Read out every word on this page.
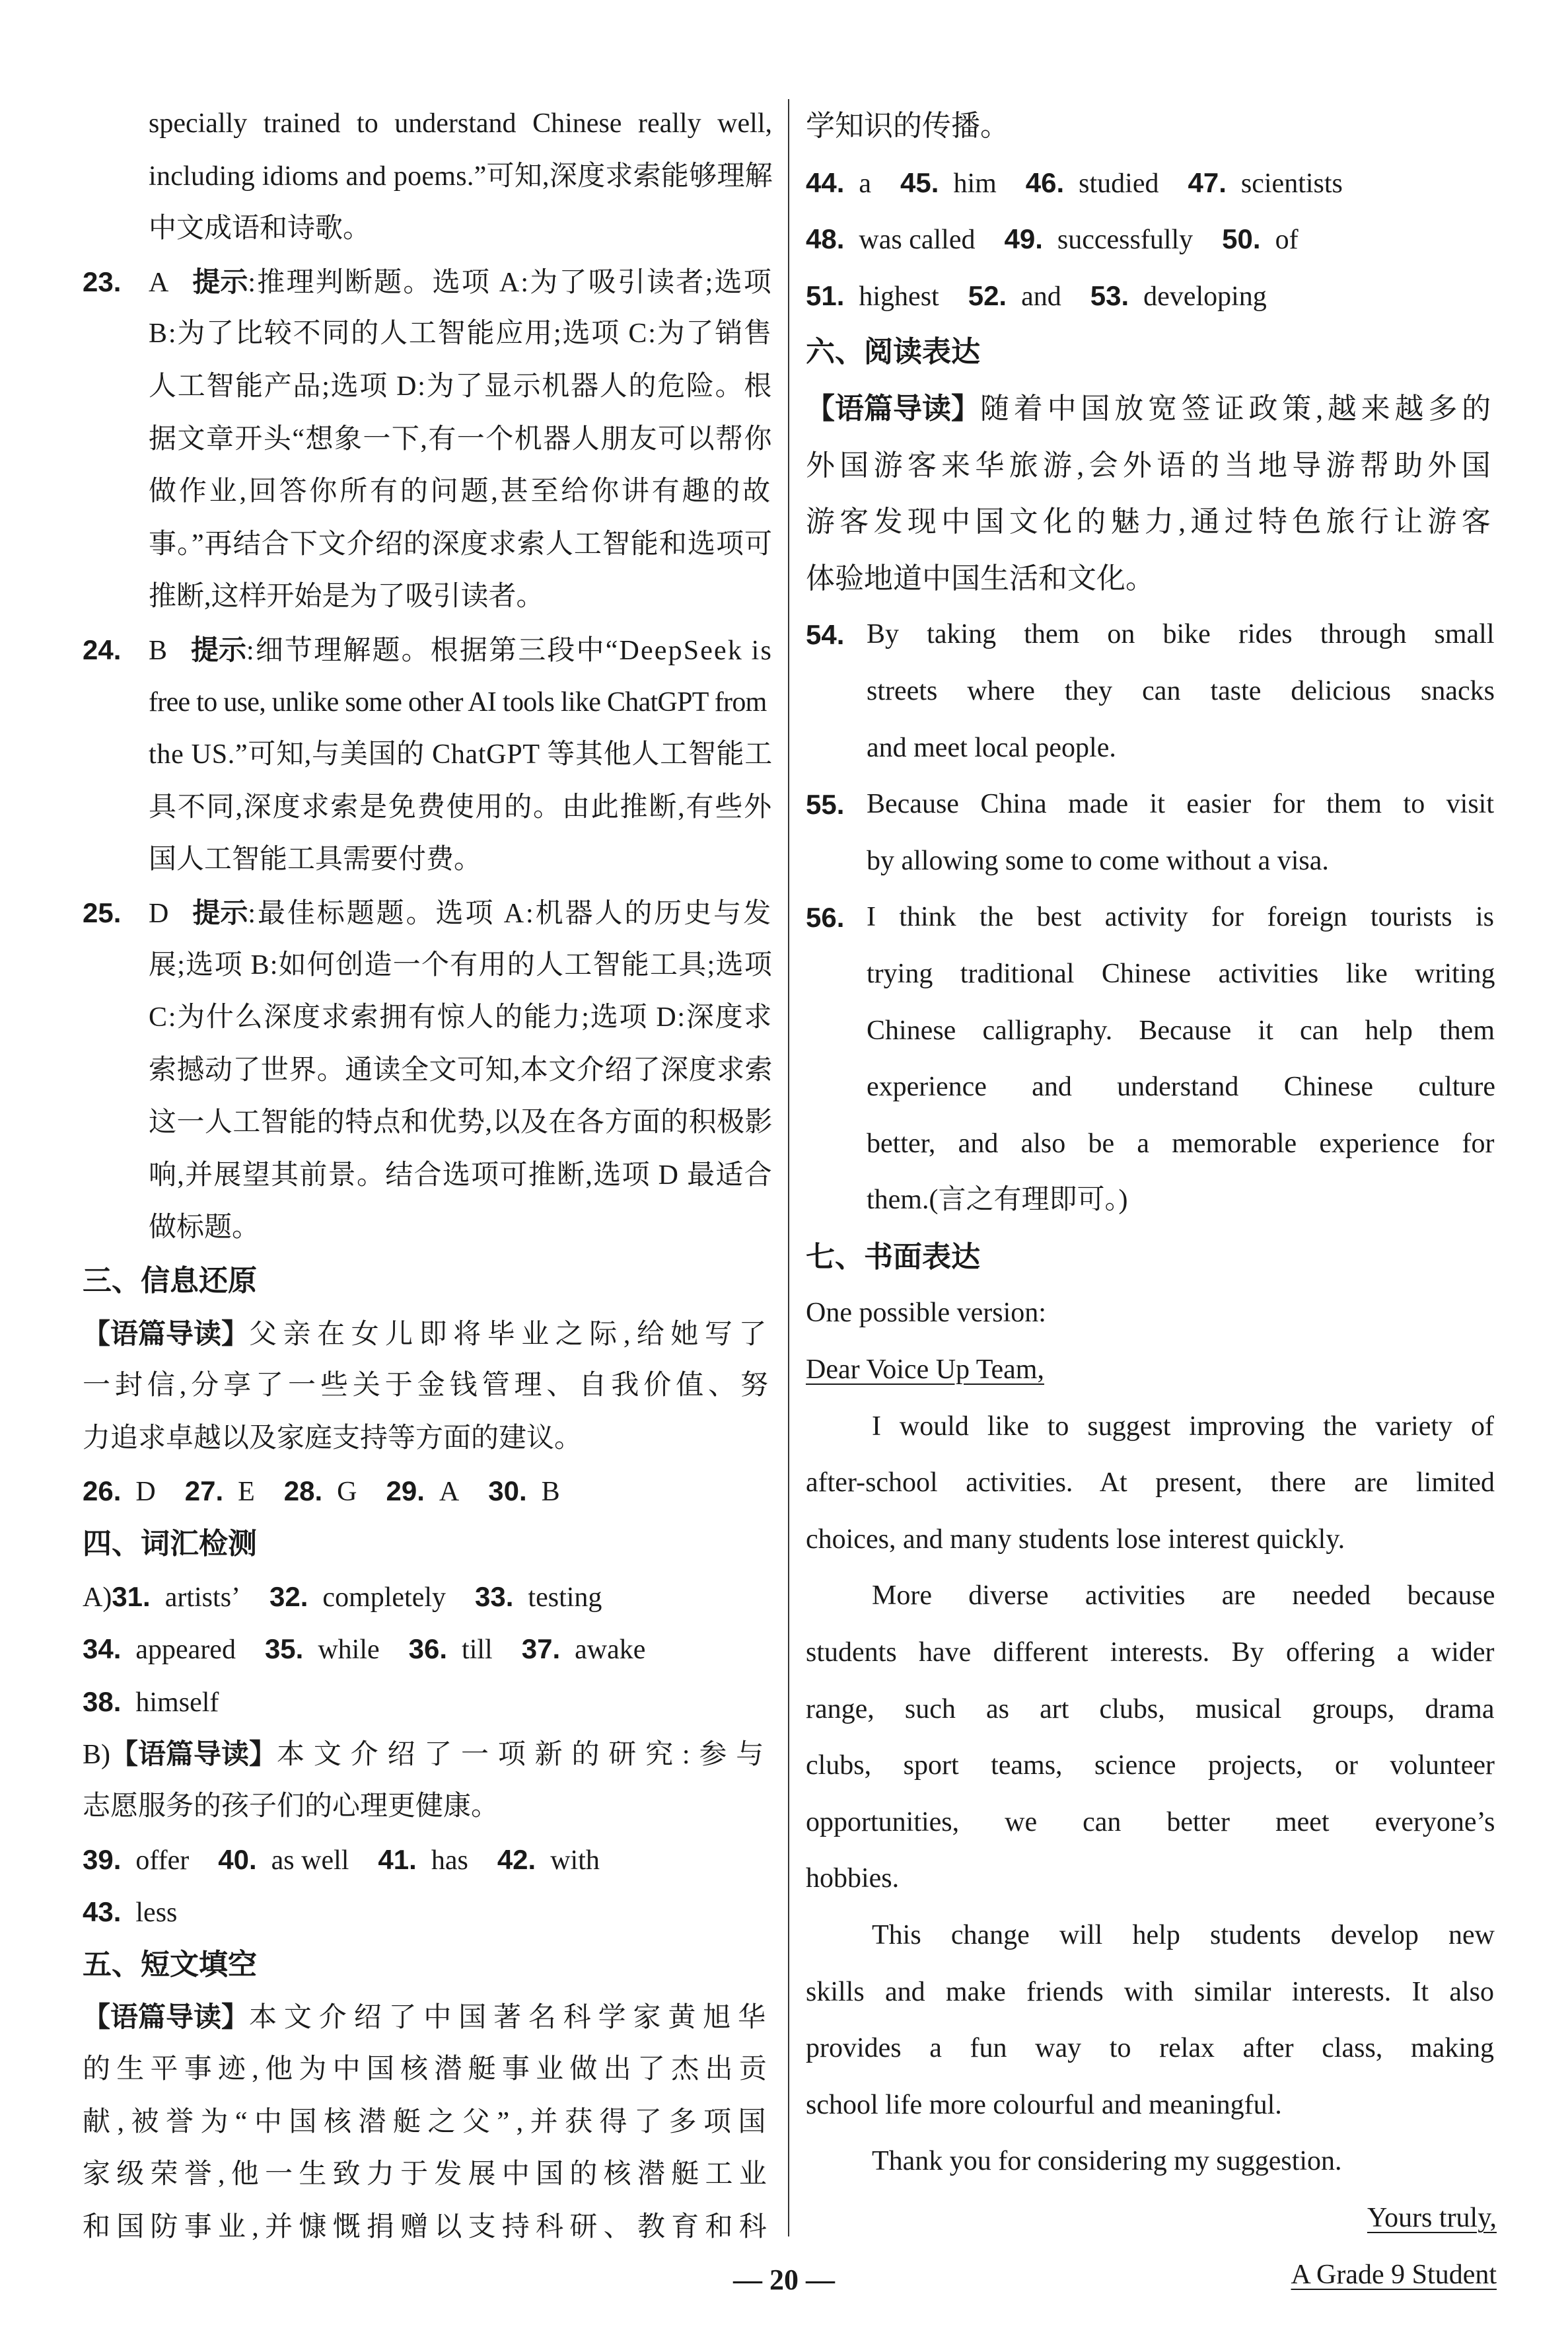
specially trained to understand Chinese really well,
including idioms and poems.”可知,深度求索能够理解
中文成语和诗歌。
23. A 提示:推理判断题。选项 A:为了吸引读者;选项
B:为了比较不同的人工智能应用;选项 C:为了销售
人工智能产品;选项 D:为了显示机器人的危险。根
据文章开头“想象一下,有一个机器人朋友可以帮你
做作业,回答你所有的问题,甚至给你讲有趣的故
事。”再结合下文介绍的深度求索人工智能和选项可
推断,这样开始是为了吸引读者。
24. B 提示:细节理解题。根据第三段中“DeepSeek is
free to use, unlike some other AI tools like ChatGPT from
the US.”可知,与美国的 ChatGPT 等其他人工智能工
具不同,深度求索是免费使用的。由此推断,有些外
国人工智能工具需要付费。
25. D 提示:最佳标题题。选项 A:机器人的历史与发
展;选项 B:如何创造一个有用的人工智能工具;选项
C:为什么深度求索拥有惊人的能力;选项 D:深度求
索撼动了世界。通读全文可知,本文介绍了深度求索
这一人工智能的特点和优势,以及在各方面的积极影
响,并展望其前景。结合选项可推断,选项 D 最适合
做标题。
三、信息还原
【语篇导读】父亲在女儿即将毕业之际,给她写了
一封信,分享了一些关于金钱管理、自我价值、努
力追求卓越以及家庭支持等方面的建议。
26. D 27. E 28. G 29. A 30. B
四、词汇检测
A)31. artists’ 32. completely 33. testing
34. appeared 35. while 36. till 37. awake
38. himself
B)【语篇导读】本文介绍了一项新的研究:参与
志愿服务的孩子们的心理更健康。
39. offer 40. as well 41. has 42. with
43. less
五、短文填空
【语篇导读】本文介绍了中国著名科学家黄旭华
的生平事迹,他为中国核潜艇事业做出了杰出贡
献,被誉为“中国核潜艇之父”,并获得了多项国
家级荣誉,他一生致力于发展中国的核潜艇工业
和国防事业,并慷慨捐赠以支持科研、教育和科
学知识的传播。
44. a 45. him 46. studied 47. scientists
48. was called 49. successfully 50. of
51. highest 52. and 53. developing
六、阅读表达
【语篇导读】随着中国放宽签证政策,越来越多的
外国游客来华旅游,会外语的当地导游帮助外国
游客发现中国文化的魅力,通过特色旅行让游客
体验地道中国生活和文化。
54. By taking them on bike rides through small
streets where they can taste delicious snacks
and meet local people.
55. Because China made it easier for them to visit
by allowing some to come without a visa.
56. I think the best activity for foreign tourists is
trying traditional Chinese activities like writing
Chinese calligraphy. Because it can help them
experience and understand Chinese culture
better, and also be a memorable experience for
them.(言之有理即可。)
七、书面表达
One possible version:
Dear Voice Up Team,
I would like to suggest improving the variety of
after-school activities. At present, there are limited
choices, and many students lose interest quickly.
More diverse activities are needed because
students have different interests. By offering a wider
range, such as art clubs, musical groups, drama
clubs, sport teams, science projects, or volunteer
opportunities, we can better meet everyone’s
hobbies.
This change will help students develop new
skills and make friends with similar interests. It also
provides a fun way to relax after class, making
school life more colourful and meaningful.
Thank you for considering my suggestion.
Yours truly,
A Grade 9 Student
— 20 —
